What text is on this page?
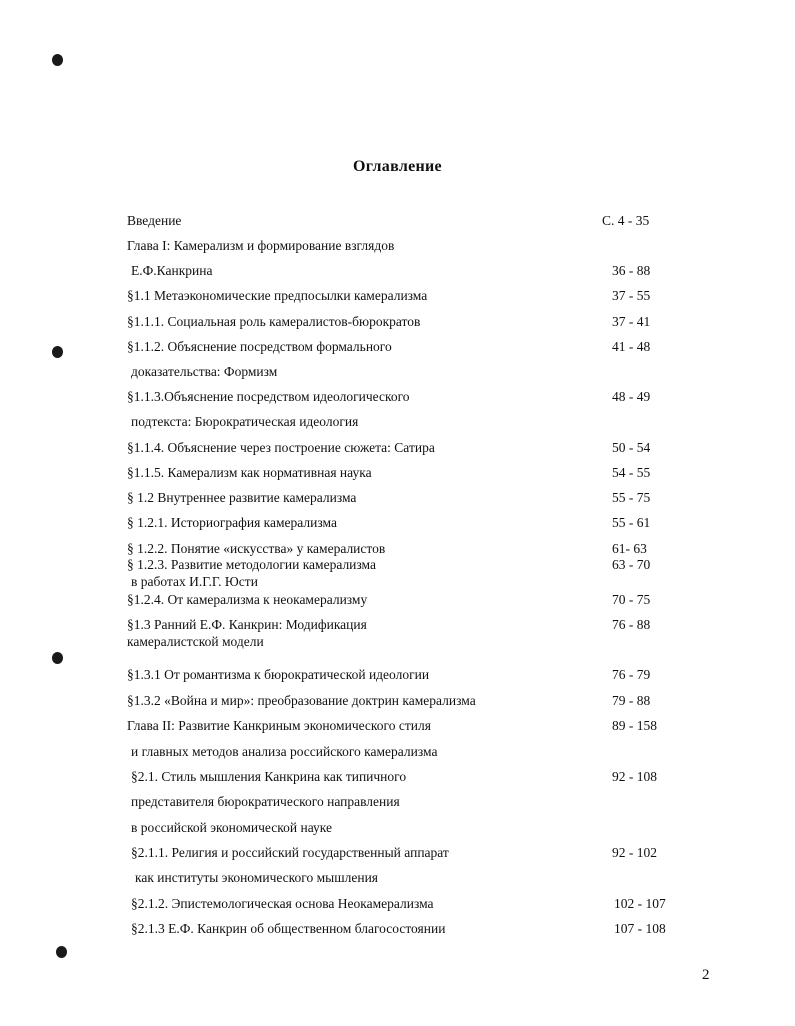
Оглавление
Введение	С. 4 - 35
Глава I: Камерализм и формирование взглядов
Е.Ф.Канкрина	36 - 88
§1.1 Метаэкономические предпосылки камерализма	37 - 55
§1.1.1. Социальная роль камералистов-бюрократов	37 - 41
§1.1.2. Объяснение посредством формального	41 - 48
доказательства: Формизм
§1.1.3.Объяснение посредством идеологического	48 - 49
подтекста: Бюрократическая идеология
§1.1.4. Объяснение через построение сюжета: Сатира	50 - 54
§1.1.5. Камерализм как нормативная наука	54 - 55
§ 1.2 Внутреннее развитие камерализма	55 - 75
§ 1.2.1. Историография камерализма	55 - 61
§ 1.2.2. Понятие «искусства» у камералистов	61- 63
§ 1.2.3. Развитие методологии камерализма	63 - 70
в работах И.Г.Г. Юсти
§1.2.4. От камерализма к неокамерализму	70 - 75
§1.3 Ранний Е.Ф. Канкрин: Модификация	76 - 88
камералистской модели
§1.3.1 От романтизма к бюрократической идеологии	76 - 79
§1.3.2 «Война и мир»: преобразование доктрин камерализма	79 - 88
Глава II: Развитие Канкриным экономического стиля	89 - 158
и главных методов анализа российского камерализма
§2.1. Стиль мышления Канкрина как типичного	92 - 108
представителя бюрократического направления
в российской экономической науке
§2.1.1. Религия и российский государственный аппарат	92 - 102
как институты экономического мышления
§2.1.2. Эпистемологическая основа Неокамерализма	102 - 107
§2.1.3 Е.Ф. Канкрин об общественном благосостоянии	107 - 108
2
